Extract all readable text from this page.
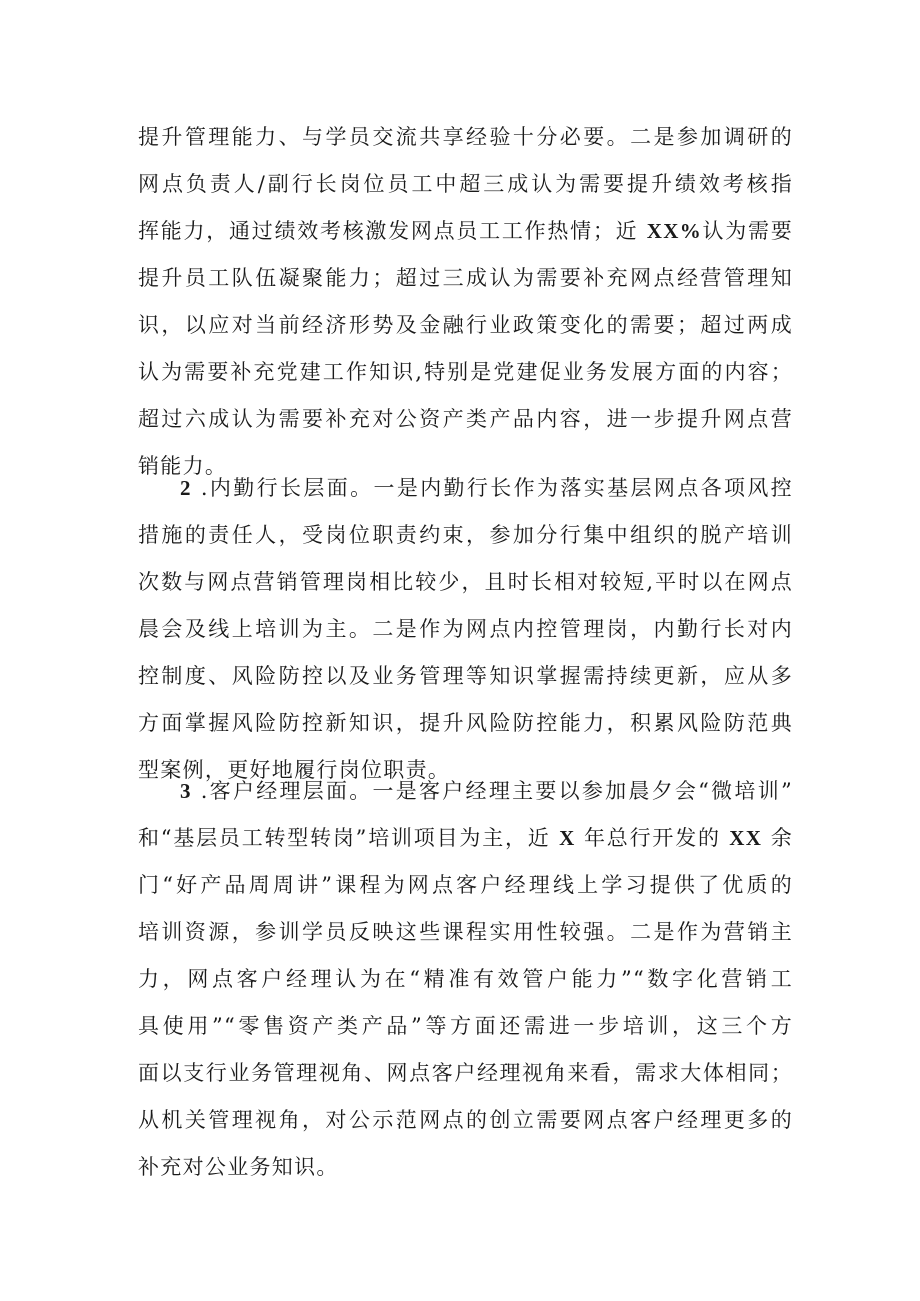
提升管理能力、与学员交流共享经验十分必要。二是参加调研的
网点负责人/副行长岗位员工中超三成认为需要提升绩效考核指
挥能力，通过绩效考核激发网点员工工作热情；近 XX%认为需要
提升员工队伍凝聚能力；超过三成认为需要补充网点经营管理知
识，以应对当前经济形势及金融行业政策变化的需要；超过两成
认为需要补充党建工作知识,特别是党建促业务发展方面的内容；
超过六成认为需要补充对公资产类产品内容，进一步提升网点营
销能力。
2 .内勤行长层面。一是内勤行长作为落实基层网点各项风控
措施的责任人，受岗位职责约束，参加分行集中组织的脱产培训
次数与网点营销管理岗相比较少，且时长相对较短,平时以在网点
晨会及线上培训为主。二是作为网点内控管理岗，内勤行长对内
控制度、风险防控以及业务管理等知识掌握需持续更新，应从多
方面掌握风险防控新知识，提升风险防控能力，积累风险防范典
型案例，更好地履行岗位职责。
3 .客户经理层面。一是客户经理主要以参加晨夕会“微培训”
和“基层员工转型转岗”培训项目为主，近 X 年总行开发的 XX 余
门“好产品周周讲”课程为网点客户经理线上学习提供了优质的
培训资源，参训学员反映这些课程实用性较强。二是作为营销主
力，网点客户经理认为在“精准有效管户能力”“数字化营销工
具使用”“零售资产类产品”等方面还需进一步培训，这三个方
面以支行业务管理视角、网点客户经理视角来看，需求大体相同；
从机关管理视角，对公示范网点的创立需要网点客户经理更多的
补充对公业务知识。
